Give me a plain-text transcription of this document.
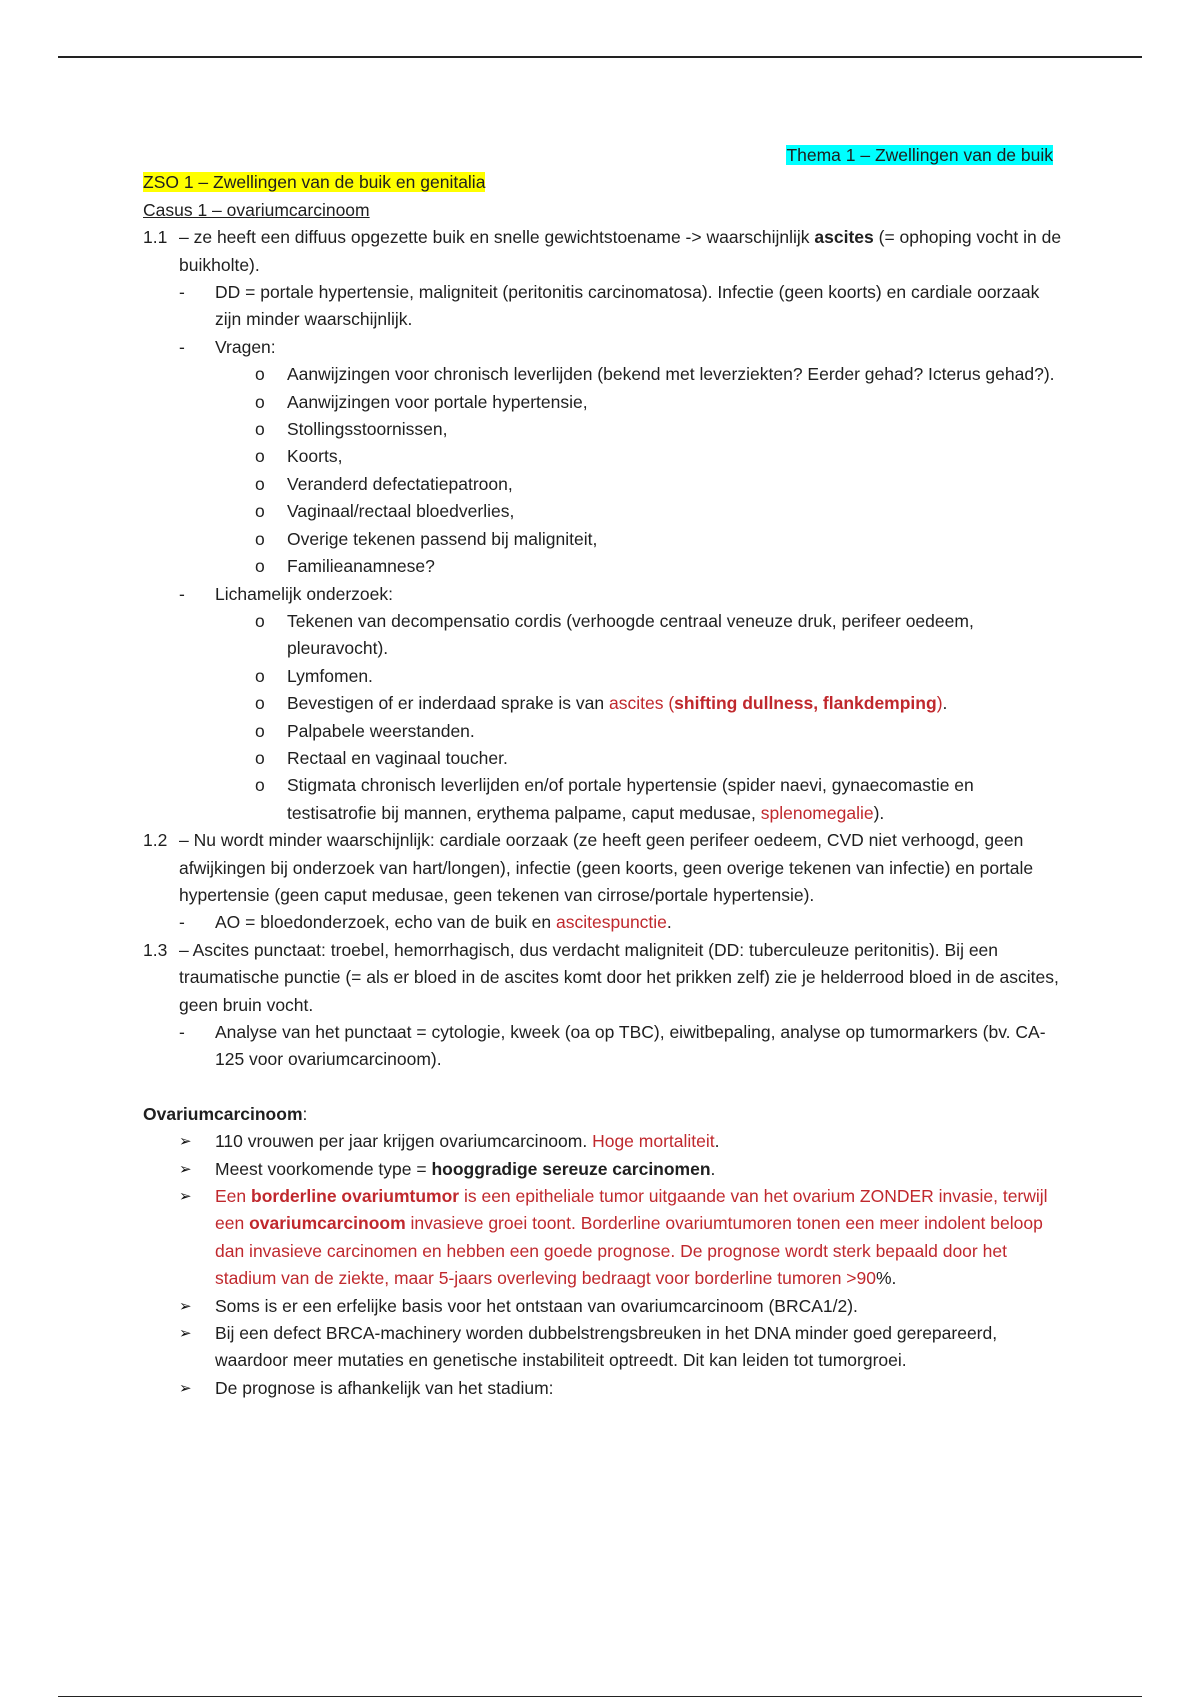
Thema 1 – Zwellingen van de buik

ZSO 1 – Zwellingen van de buik en genitalia

Casus 1 – ovariumcarcinoom

1.1 – ze heeft een diffuus opgezette buik en snelle gewichtstoename -> waarschijnlijk ascites (= ophoping vocht in de buikholte).
- DD = portale hypertensie, maligniteit (peritonitis carcinomatosa). Infectie (geen koorts) en cardiale oorzaak zijn minder waarschijnlijk.
- Vragen:
o Aanwijzingen voor chronisch leverlijden (bekend met leverziekten? Eerder gehad? Icterus gehad?).
o Aanwijzingen voor portale hypertensie,
o Stollingsstoornissen,
o Koorts,
o Veranderd defectatiepatroon,
o Vaginaal/rectaal bloedverlies,
o Overige tekenen passend bij maligniteit,
o Familieanamnese?
- Lichamelijk onderzoek:
o Tekenen van decompensatio cordis (verhoogde centraal veneuze druk, perifeer oedeem, pleuravocht).
o Lymfomen.
o Bevestigen of er inderdaad sprake is van ascites (shifting dullness, flankdemping).
o Palpabele weerstanden.
o Rectaal en vaginaal toucher.
o Stigmata chronisch leverlijden en/of portale hypertensie (spider naevi, gynaecomastie en testisatrofie bij mannen, erythema palpame, caput medusae, splenomegalie).
1.2 – Nu wordt minder waarschijnlijk: cardiale oorzaak (ze heeft geen perifeer oedeem, CVD niet verhoogd, geen afwijkingen bij onderzoek van hart/longen), infectie (geen koorts, geen overige tekenen van infectie) en portale hypertensie (geen caput medusae, geen tekenen van cirrose/portale hypertensie).
- AO = bloedonderzoek, echo van de buik en ascitespunctie.
1.3 – Ascites punctaat: troebel, hemorrhagisch, dus verdacht maligniteit (DD: tuberculeuze peritonitis). Bij een traumatische punctie (= als er bloed in de ascites komt door het prikken zelf) zie je helderrood bloed in de ascites, geen bruin vocht.
- Analyse van het punctaat = cytologie, kweek (oa op TBC), eiwitbepaling, analyse op tumormarkers (bv. CA-125 voor ovariumcarcinoom).

Ovariumcarcinoom:

➢ 110 vrouwen per jaar krijgen ovariumcarcinoom. Hoge mortaliteit.
➢ Meest voorkomende type = hooggradige sereuze carcinomen.
➢ Een borderline ovariumtumor is een epitheliale tumor uitgaande van het ovarium ZONDER invasie, terwijl een ovariumcarcinoom invasieve groei toont. Borderline ovariumtumoren tonen een meer indolent beloop dan invasieve carcinomen en hebben een goede prognose. De prognose wordt sterk bepaald door het stadium van de ziekte, maar 5-jaars overleving bedraagt voor borderline tumoren >90%.
➢ Soms is er een erfelijke basis voor het ontstaan van ovariumcarcinoom (BRCA1/2).
➢ Bij een defect BRCA-machinery worden dubbelstrengsbreuken in het DNA minder goed gerepareerd, waardoor meer mutaties en genetische instabiliteit optreedt. Dit kan leiden tot tumorgroei.
➢ De prognose is afhankelijk van het stadium:
